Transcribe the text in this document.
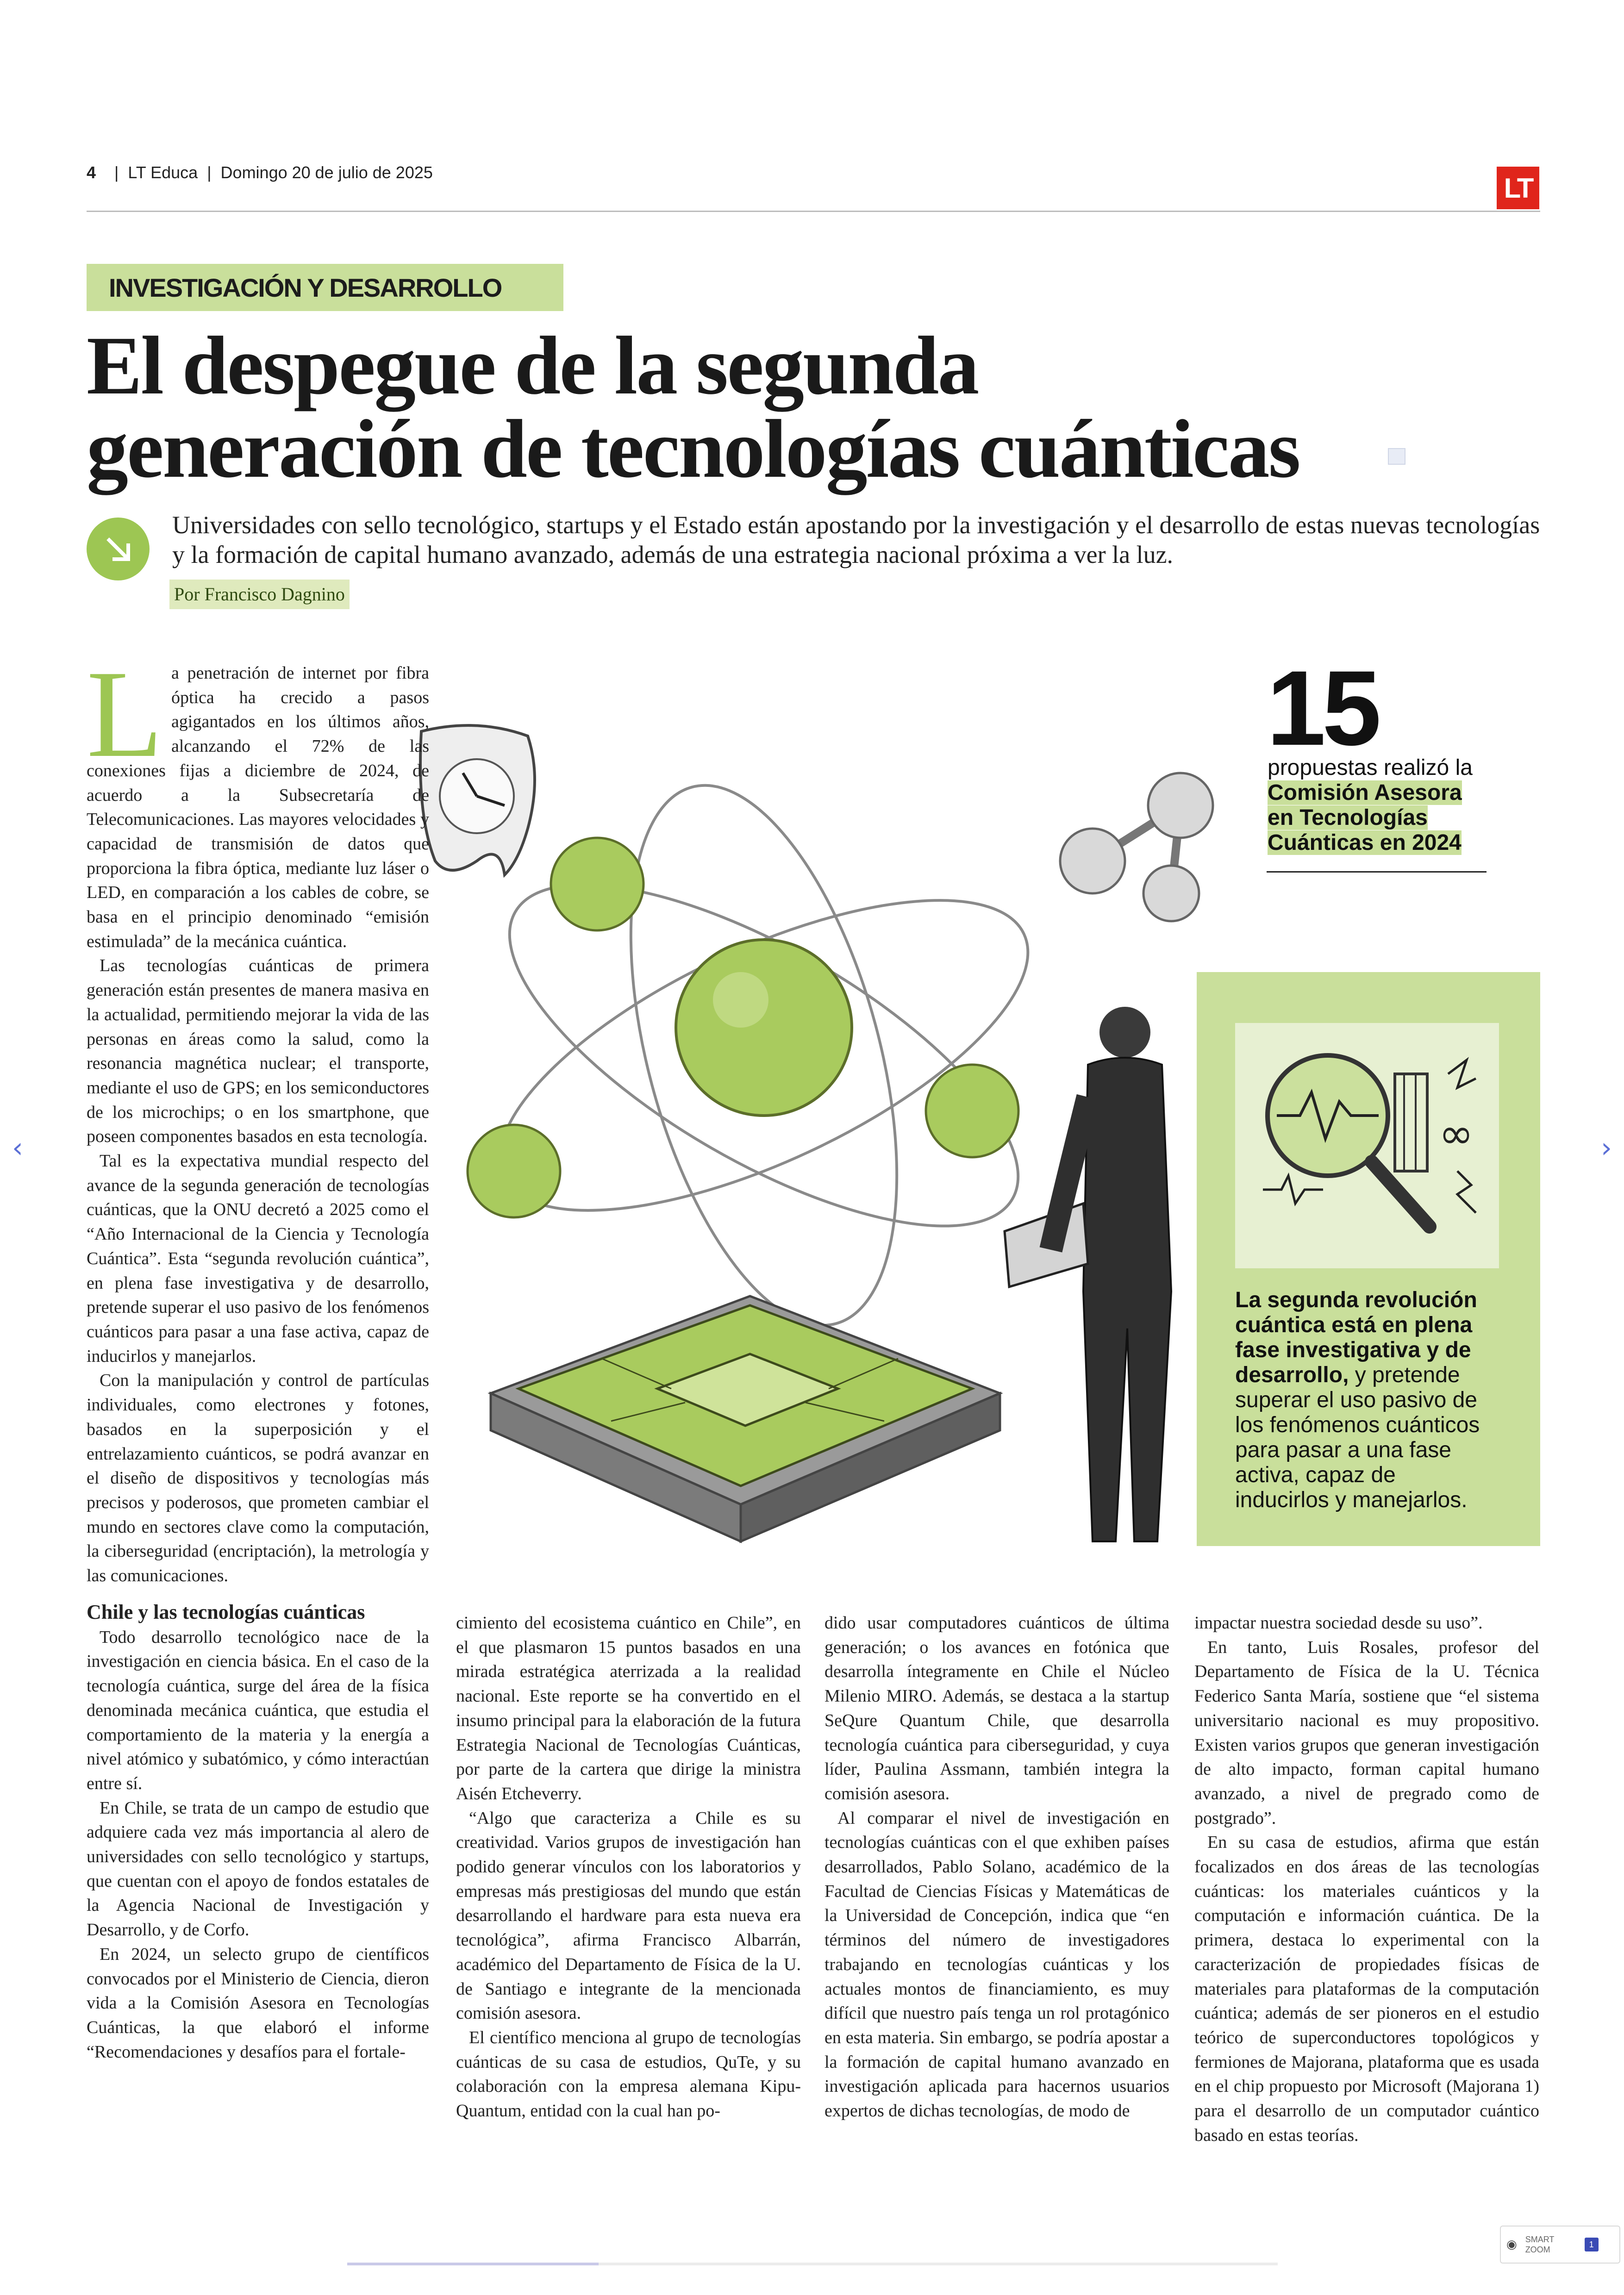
4    |  LT Educa  |  Domingo 20 de julio de 2025	LT
INVESTIGACIÓN Y DESARROLLO
El despegue de la segunda
generación de tecnologías cuánticas
Universidades con sello tecnológico, startups y el Estado están apostando por la investigación y el desarrollo de estas nuevas tecnologías y la formación de capital humano avanzado, además de una estrategia nacional próxima a ver la luz.
Por Francisco Dagnino
15
propuestas realizó la
Comisión Asesora en Tecnologías Cuánticas en 2024
∞
La segunda revolución cuántica está en plena fase investigativa y de desarrollo, y pretende superar el uso pasivo de los fenómenos cuánticos para pasar a una fase activa, capaz de inducirlos y manejarlos.
L a penetración de internet por fibra óptica ha crecido a pasos agigantados en los últimos años, alcanzando el 72% de las conexiones fijas a diciembre de 2024, de acuerdo a la Subsecretaría de Telecomunicaciones. Las mayores velocidades y capacidad de transmisión de datos que proporciona la fibra óptica, mediante luz láser o LED, en comparación a los cables de cobre, se basa en el principio denominado “emisión estimulada” de la mecánica cuántica.

Las tecnologías cuánticas de primera generación están presentes de manera masiva en la actualidad, permitiendo mejorar la vida de las personas en áreas como la salud, como la resonancia magnética nuclear; el transporte, mediante el uso de GPS; en los semiconductores de los microchips; o en los smartphone, que poseen componentes basados en esta tecnología.

Tal es la expectativa mundial respecto del avance de la segunda generación de tecnologías cuánticas, que la ONU decretó a 2025 como el “Año Internacional de la Ciencia y Tecnología Cuántica”. Esta “segunda revolución cuántica”, en plena fase investigativa y de desarrollo, pretende superar el uso pasivo de los fenómenos cuánticos para pasar a una fase activa, capaz de inducirlos y manejarlos.

Con la manipulación y control de partículas individuales, como electrones y fotones, basados en la superposición y el entrelazamiento cuánticos, se podrá avanzar en el diseño de dispositivos y tecnologías más precisos y poderosos, que prometen cambiar el mundo en sectores clave como la computación, la ciberseguridad (encriptación), la metrología y las comunicaciones.

Chile y las tecnologías cuánticas

Todo desarrollo tecnológico nace de la investigación en ciencia básica. En el caso de la tecnología cuántica, surge del área de la física denominada mecánica cuántica, que estudia el comportamiento de la materia y la energía a nivel atómico y subatómico, y cómo interactúan entre sí.

En Chile, se trata de un campo de estudio que adquiere cada vez más importancia al alero de universidades con sello tecnológico y startups, que cuentan con el apoyo de fondos estatales de la Agencia Nacional de Investigación y Desarrollo, y de Corfo.

En 2024, un selecto grupo de científicos convocados por el Ministerio de Ciencia, dieron vida a la Comisión Asesora en Tecnologías Cuánticas, la que elaboró el informe “Recomendaciones y desafíos para el fortale-

cimiento del ecosistema cuántico en Chile”, en el que plasmaron 15 puntos basados en una mirada estratégica aterrizada a la realidad nacional. Este reporte se ha convertido en el insumo principal para la elaboración de la futura Estrategia Nacional de Tecnologías Cuánticas, por parte de la cartera que dirige la ministra Aisén Etcheverry.

“Algo que caracteriza a Chile es su creatividad. Varios grupos de investigación han podido generar vínculos con los laboratorios y empresas más prestigiosas del mundo que están desarrollando el hardware para esta nueva era tecnológica”, afirma Francisco Albarrán, académico del Departamento de Física de la U. de Santiago e integrante de la mencionada comisión asesora.

El científico menciona al grupo de tecnologías cuánticas de su casa de estudios, QuTe, y su colaboración con la empresa alemana Kipu-Quantum, entidad con la cual han po-

dido usar computadores cuánticos de última generación; o los avances en fotónica que desarrolla íntegramente en Chile el Núcleo Milenio MIRO. Además, se destaca a la startup SeQure Quantum Chile, que desarrolla tecnología cuántica para ciberseguridad, y cuya líder, Paulina Assmann, también integra la comisión asesora.

Al comparar el nivel de investigación en tecnologías cuánticas con el que exhiben países desarrollados, Pablo Solano, académico de la Facultad de Ciencias Físicas y Matemáticas de la Universidad de Concepción, indica que “en términos del número de investigadores trabajando en tecnologías cuánticas y los actuales montos de financiamiento, es muy difícil que nuestro país tenga un rol protagónico en esta materia. Sin embargo, se podría apostar a la formación de capital humano avanzado en investigación aplicada para hacernos usuarios expertos de dichas tecnologías, de modo de

impactar nuestra sociedad desde su uso”.

En tanto, Luis Rosales, profesor del Departamento de Física de la U. Técnica Federico Santa María, sostiene que “el sistema universitario nacional es muy propositivo. Existen varios grupos que generan investigación de alto impacto, forman capital humano avanzado, a nivel de pregrado como de postgrado”.

En su casa de estudios, afirma que están focalizados en dos áreas de las tecnologías cuánticas: los materiales cuánticos y la computación e información cuántica. De la primera, destaca lo experimental con la caracterización de propiedades físicas de materiales para plataformas de la computación cuántica; además de ser pioneros en el estudio teórico de superconductores topológicos y fermiones de Majorana, plataforma que es usada en el chip propuesto por Microsoft (Majorana 1) para el desarrollo de un computador cuántico basado en estas teorías.

‹	›
◉ SMART ZOOM
1
